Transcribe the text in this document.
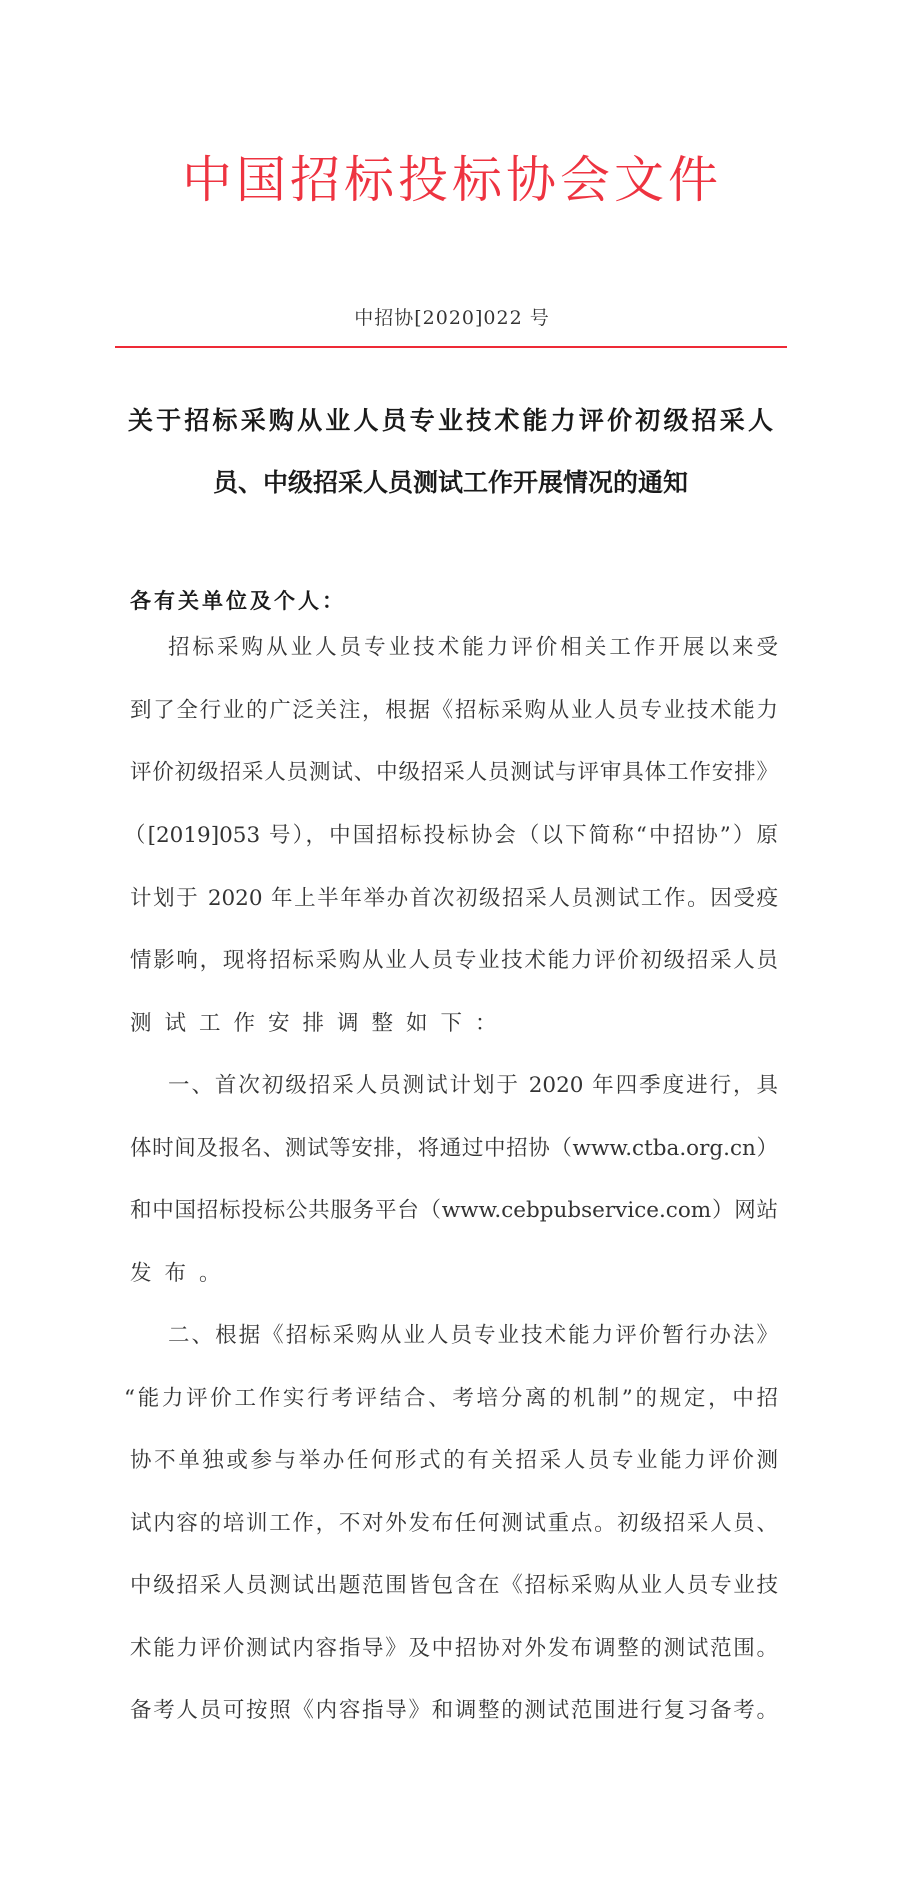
中国招标投标协会文件
中招协[2020]022 号
关于招标采购从业人员专业技术能力评价初级招采人
员、中级招采人员测试工作开展情况的通知
各有关单位及个人：
招标采购从业人员专业技术能力评价相关工作开展以来受
到了全行业的广泛关注，根据《招标采购从业人员专业技术能力
评价初级招采人员测试、中级招采人员测试与评审具体工作安排》
（[2019]053 号），中国招标投标协会（以下简称“中招协”）原
计划于 2020 年上半年举办首次初级招采人员测试工作。因受疫
情影响，现将招标采购从业人员专业技术能力评价初级招采人员
测试工作安排调整如下：
一、首次初级招采人员测试计划于 2020 年四季度进行，具
体时间及报名、测试等安排，将通过中招协（www.ctba.org.cn）
和中国招标投标公共服务平台（www.cebpubservice.com）网站
发布。
二、根据《招标采购从业人员专业技术能力评价暂行办法》
“能力评价工作实行考评结合、考培分离的机制”的规定，中招
协不单独或参与举办任何形式的有关招采人员专业能力评价测
试内容的培训工作，不对外发布任何测试重点。初级招采人员、
中级招采人员测试出题范围皆包含在《招标采购从业人员专业技
术能力评价测试内容指导》及中招协对外发布调整的测试范围。
备考人员可按照《内容指导》和调整的测试范围进行复习备考。
